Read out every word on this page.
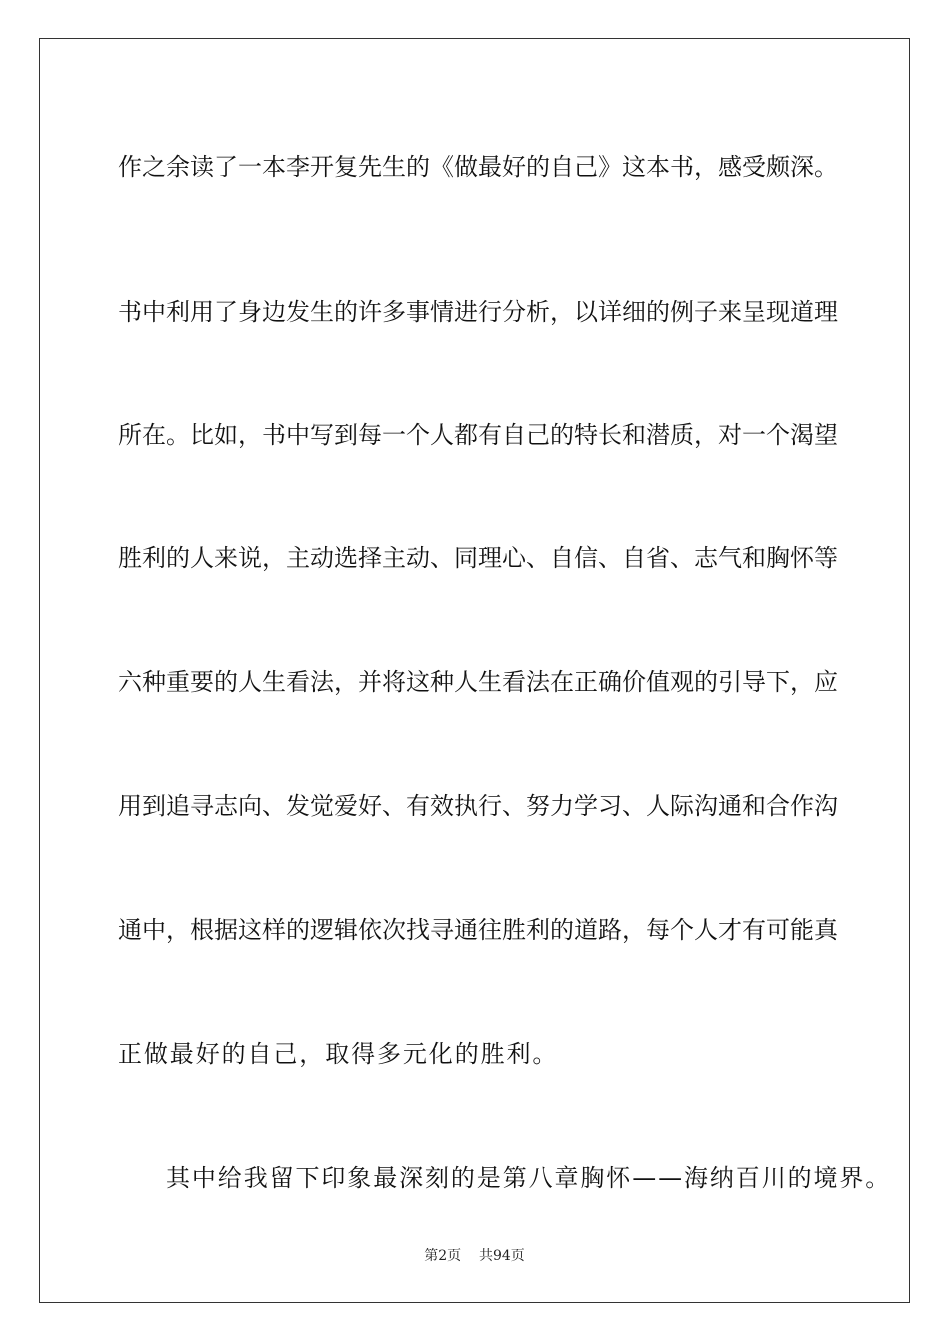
作之余读了一本李开复先生的《做最好的自己》这本书，感受颇深。
书中利用了身边发生的许多事情进行分析，以详细的例子来呈现道理
所在。比如，书中写到每一个人都有自己的特长和潜质，对一个渴望
胜利的人来说，主动选择主动、同理心、自信、自省、志气和胸怀等
六种重要的人生看法，并将这种人生看法在正确价值观的引导下，应
用到追寻志向、发觉爱好、有效执行、努力学习、人际沟通和合作沟
通中，根据这样的逻辑依次找寻通往胜利的道路，每个人才有可能真
正做最好的自己，取得多元化的胜利。
其中给我留下印象最深刻的是第八章胸怀——海纳百川的境界。
第2页 共94页
